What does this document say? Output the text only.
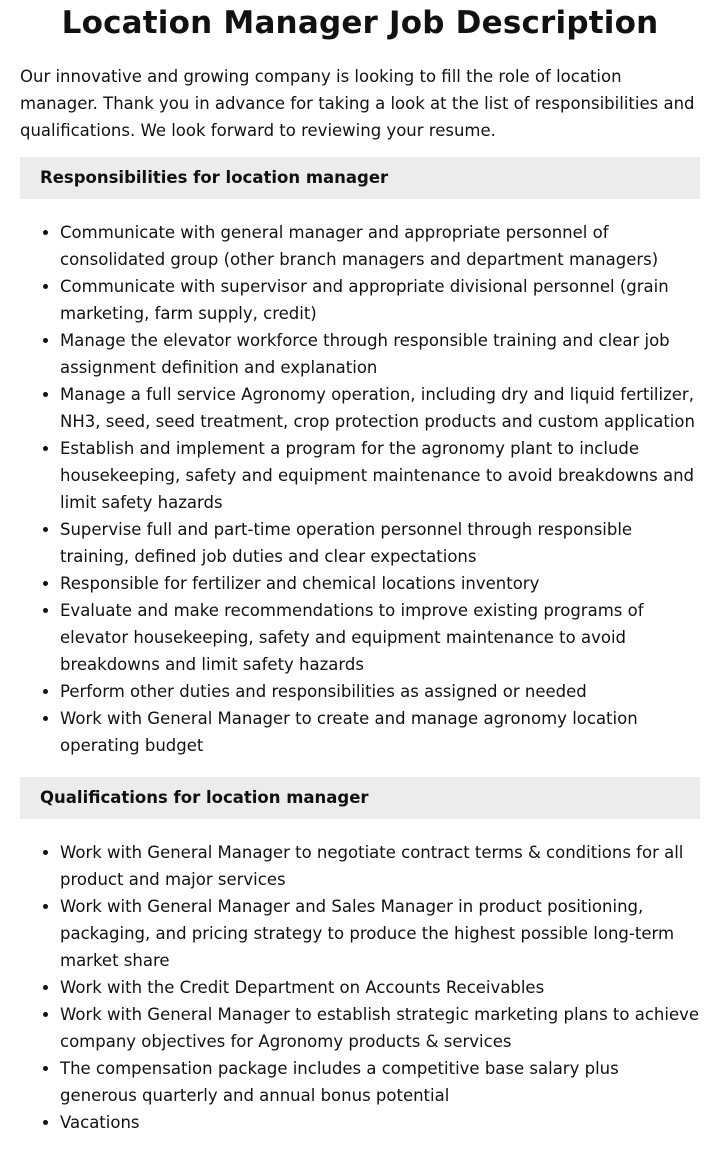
Location Manager Job Description

Our innovative and growing company is looking to fill the role of location manager. Thank you in advance for taking a look at the list of responsibilities and qualifications. We look forward to reviewing your resume.

Responsibilities for location manager
• Communicate with general manager and appropriate personnel of consolidated group (other branch managers and department managers)
• Communicate with supervisor and appropriate divisional personnel (grain marketing, farm supply, credit)
• Manage the elevator workforce through responsible training and clear job assignment definition and explanation
• Manage a full service Agronomy operation, including dry and liquid fertilizer, NH3, seed, seed treatment, crop protection products and custom application
• Establish and implement a program for the agronomy plant to include housekeeping, safety and equipment maintenance to avoid breakdowns and limit safety hazards
• Supervise full and part-time operation personnel through responsible training, defined job duties and clear expectations
• Responsible for fertilizer and chemical locations inventory
• Evaluate and make recommendations to improve existing programs of elevator housekeeping, safety and equipment maintenance to avoid breakdowns and limit safety hazards
• Perform other duties and responsibilities as assigned or needed
• Work with General Manager to create and manage agronomy location operating budget
Qualifications for location manager
• Work with General Manager to negotiate contract terms & conditions for all product and major services
• Work with General Manager and Sales Manager in product positioning, packaging, and pricing strategy to produce the highest possible long-term market share
• Work with the Credit Department on Accounts Receivables
• Work with General Manager to establish strategic marketing plans to achieve company objectives for Agronomy products & services
• The compensation package includes a competitive base salary plus generous quarterly and annual bonus potential
• Vacations
